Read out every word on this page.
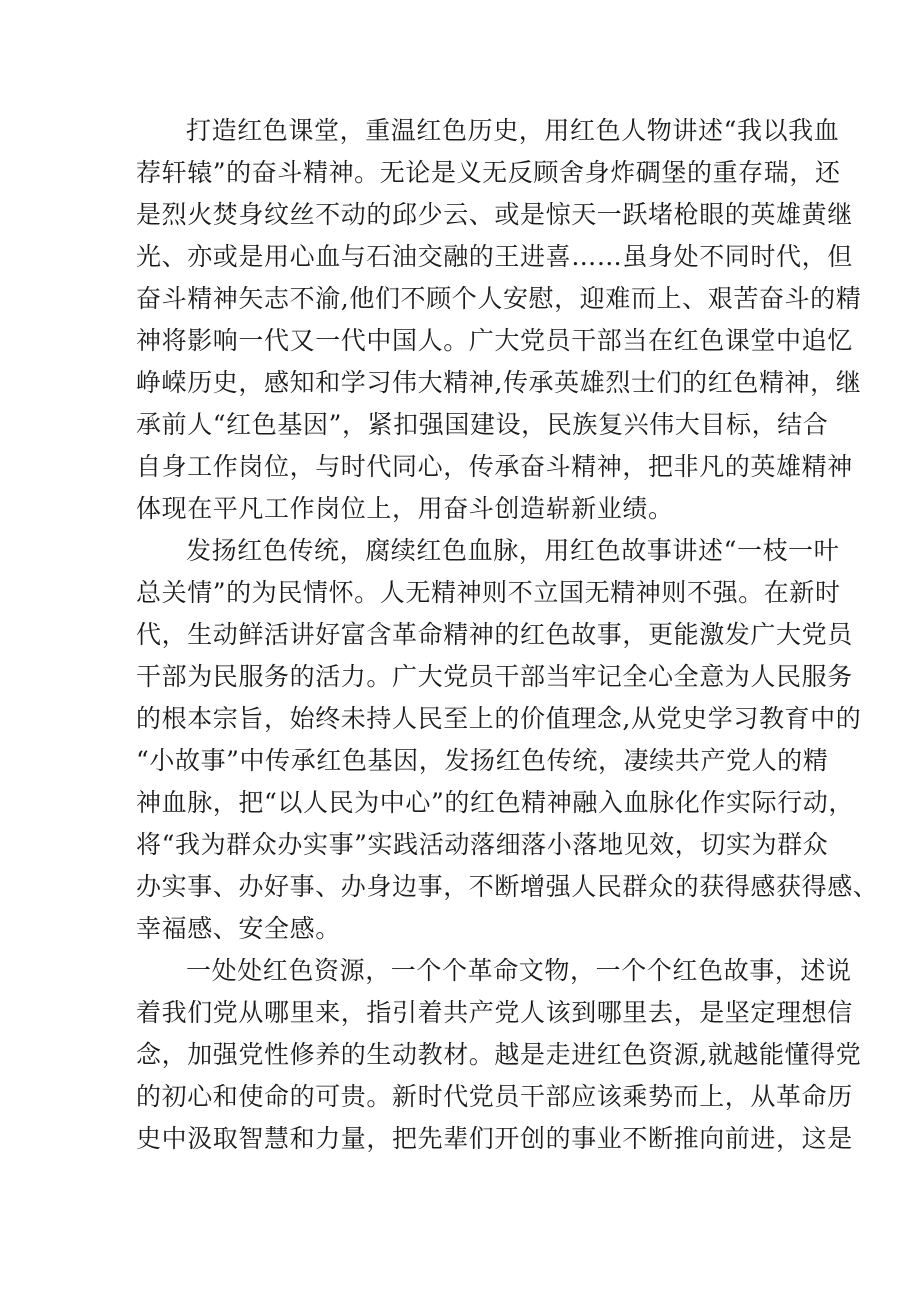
打造红色课堂，重温红色历史，用红色人物讲述“我以我血
荐轩辕”的奋斗精神。无论是义无反顾舍身炸碉堡的重存瑞，还
是烈火焚身纹丝不动的邱少云、或是惊天一跃堵枪眼的英雄黄继
光、亦或是用心血与石油交融的王进喜……虽身处不同时代，但
奋斗精神矢志不渝,他们不顾个人安慰，迎难而上、艰苦奋斗的精
神将影响一代又一代中国人。广大党员干部当在红色课堂中追忆
峥嵘历史，感知和学习伟大精神,传承英雄烈士们的红色精神，继
承前人“红色基因”，紧扣强国建设，民族复兴伟大目标，结合
自身工作岗位，与时代同心，传承奋斗精神，把非凡的英雄精神
体现在平凡工作岗位上，用奋斗创造崭新业绩。
发扬红色传统，腐续红色血脉，用红色故事讲述“一枝一叶
总关情”的为民情怀。人无精神则不立国无精神则不强。在新时
代，生动鲜活讲好富含革命精神的红色故事，更能激发广大党员
干部为民服务的活力。广大党员干部当牢记全心全意为人民服务
的根本宗旨，始终未持人民至上的价值理念,从党史学习教育中的
“小故事”中传承红色基因，发扬红色传统，凄续共产党人的精
神血脉，把“以人民为中心”的红色精神融入血脉化作实际行动，
将“我为群众办实事”实践活动落细落小落地见效，切实为群众
办实事、办好事、办身边事，不断增强人民群众的获得感获得感、
幸福感、安全感。
一处处红色资源，一个个革命文物，一个个红色故事，述说
着我们党从哪里来，指引着共产党人该到哪里去，是坚定理想信
念，加强党性修养的生动教材。越是走进红色资源,就越能懂得党
的初心和使命的可贵。新时代党员干部应该乘势而上，从革命历
史中汲取智慧和力量，把先辈们开创的事业不断推向前进，这是
